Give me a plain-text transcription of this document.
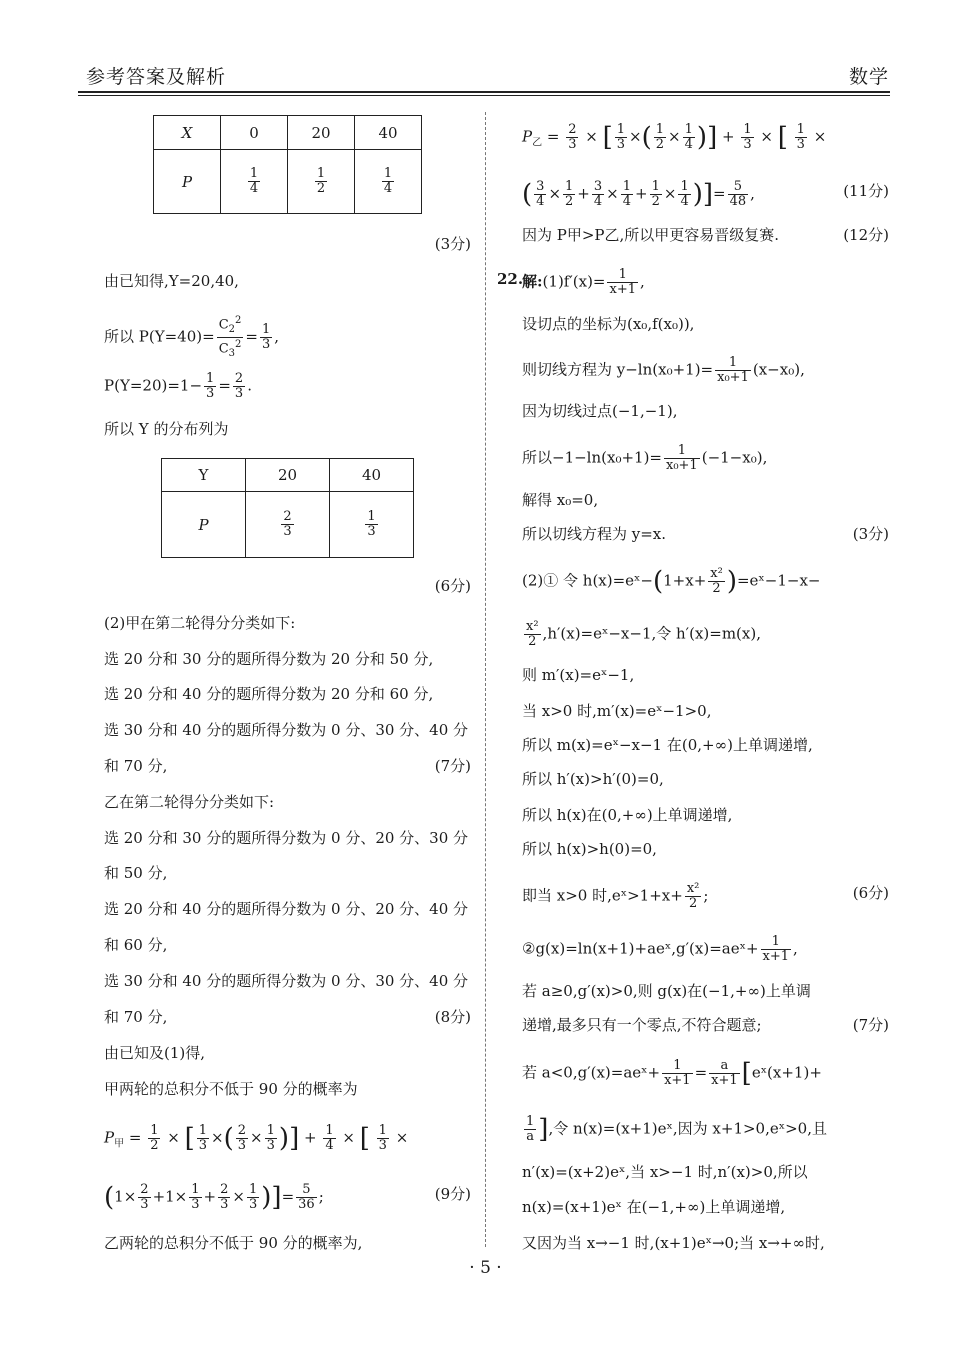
参考答案及解析	数学
X	0	20	40
P	$\frac{1}{4}$	$\frac{1}{2}$	$\frac{1}{4}$
(3分)
由已知得,Y=20,40,
所以 $P(Y=40)= \frac{C_2^2}{C_3^2} = \frac{1}{3}$ ,
$P(Y=20)=1- \frac{1}{3} = \frac{2}{3}$ .
所以 Y 的分布列为
Y	20	40
P	$\frac{2}{3}$	$\frac{1}{3}$
(6分)
(2)甲在第二轮得分分类如下:
选 20 分和 30 分的题所得分数为 20 分和 50 分,
选 20 分和 40 分的题所得分数为 20 分和 60 分,
选 30 分和 40 分的题所得分数为 0 分、30 分、40 分
和 70 分,	(7分)
乙在第二轮得分分类如下:
选 20 分和 30 分的题所得分数为 0 分、20 分、30 分
和 50 分,
选 20 分和 40 分的题所得分数为 0 分、20 分、40 分
和 60 分,
选 30 分和 40 分的题所得分数为 0 分、30 分、40 分
和 70 分,	(8分)
由已知及(1)得,
甲两轮的总积分不低于 90 分的概率为
$P_甲 = \frac{1}{2}$ × [ $\frac{1}{3}$ ×( $\frac{2}{3} \times \frac{1}{3}$ )] + $\frac{1}{4}$ × [ $\frac{1}{3}$ ×
($1\times \frac{2}{3} +1\times \frac{1}{3} + \frac{2}{3} \times \frac{1}{3}$ )]= $\frac{5}{36}$ ;	(9分)
乙两轮的总积分不低于 90 分的概率为,
$P_乙 = \frac{2}{3}$ × [ $\frac{1}{3}$ ×( $\frac{1}{2} \times \frac{1}{4}$ )] + $\frac{1}{3}$ × [ $\frac{1}{3}$ ×
( $\frac{3}{4} \times \frac{1}{2} + \frac{3}{4} \times \frac{1}{4} + \frac{1}{2} \times \frac{1}{4}$ )]= $\frac{5}{48}$ ,	(11分)
因为 P甲>P乙,所以甲更容易晋级复赛.	(12分)
22.
解:(1)f′(x)= $\frac{1}{x+1}$ ,
设切点的坐标为(x₀,f(x₀)),
则切线方程为 $y-\ln(x_0+1)= \frac{1}{\text{x₀+1}} (x-x_0)$,
因为切线过点(−1,−1),
所以$-1-\ln(x_0+1)= \frac{1}{\text{x₀+1}} (-1-x_0)$,
解得 x₀=0,
所以切线方程为 y=x.	(3分)
(2)① 令 h(x)=eˣ−(1+x+ $\frac{\text{x²}}{2}$ )=eˣ−1−x−
$\frac{\text{x²}}{2}$ ,h′(x)=eˣ−x−1,令 h′(x)=m(x),
则 m′(x)=eˣ−1,
当 x>0 时,m′(x)=eˣ−1>0,
所以 m(x)=eˣ−x−1 在(0,+∞)上单调递增,
所以 h′(x)>h′(0)=0,
所以 h(x)在(0,+∞)上单调递增,
所以 h(x)>h(0)=0,
即当 x>0 时,eˣ>1+x+ $\frac{\text{x²}}{2}$ ;	(6分)
②g(x)=ln(x+1)+aeˣ,g′(x)=aeˣ+ $\frac{1}{x+1}$ ,
若 a≥0,g′(x)>0,则 g(x)在(−1,+∞)上单调
递增,最多只有一个零点,不符合题意;	(7分)
若 a<0,g′(x)=aeˣ+ $\frac{1}{x+1} = \frac{a}{x+1}$ [eˣ(x+1)+
$\frac{1}{a}$ ],令 n(x)=(x+1)eˣ,因为 x+1>0,eˣ>0,且
n′(x)=(x+2)eˣ,当 x>−1 时,n′(x)>0,所以
n(x)=(x+1)eˣ 在(−1,+∞)上单调递增,
又因为当 x→−1 时,(x+1)eˣ→0;当 x→+∞时,
· 5 ·
